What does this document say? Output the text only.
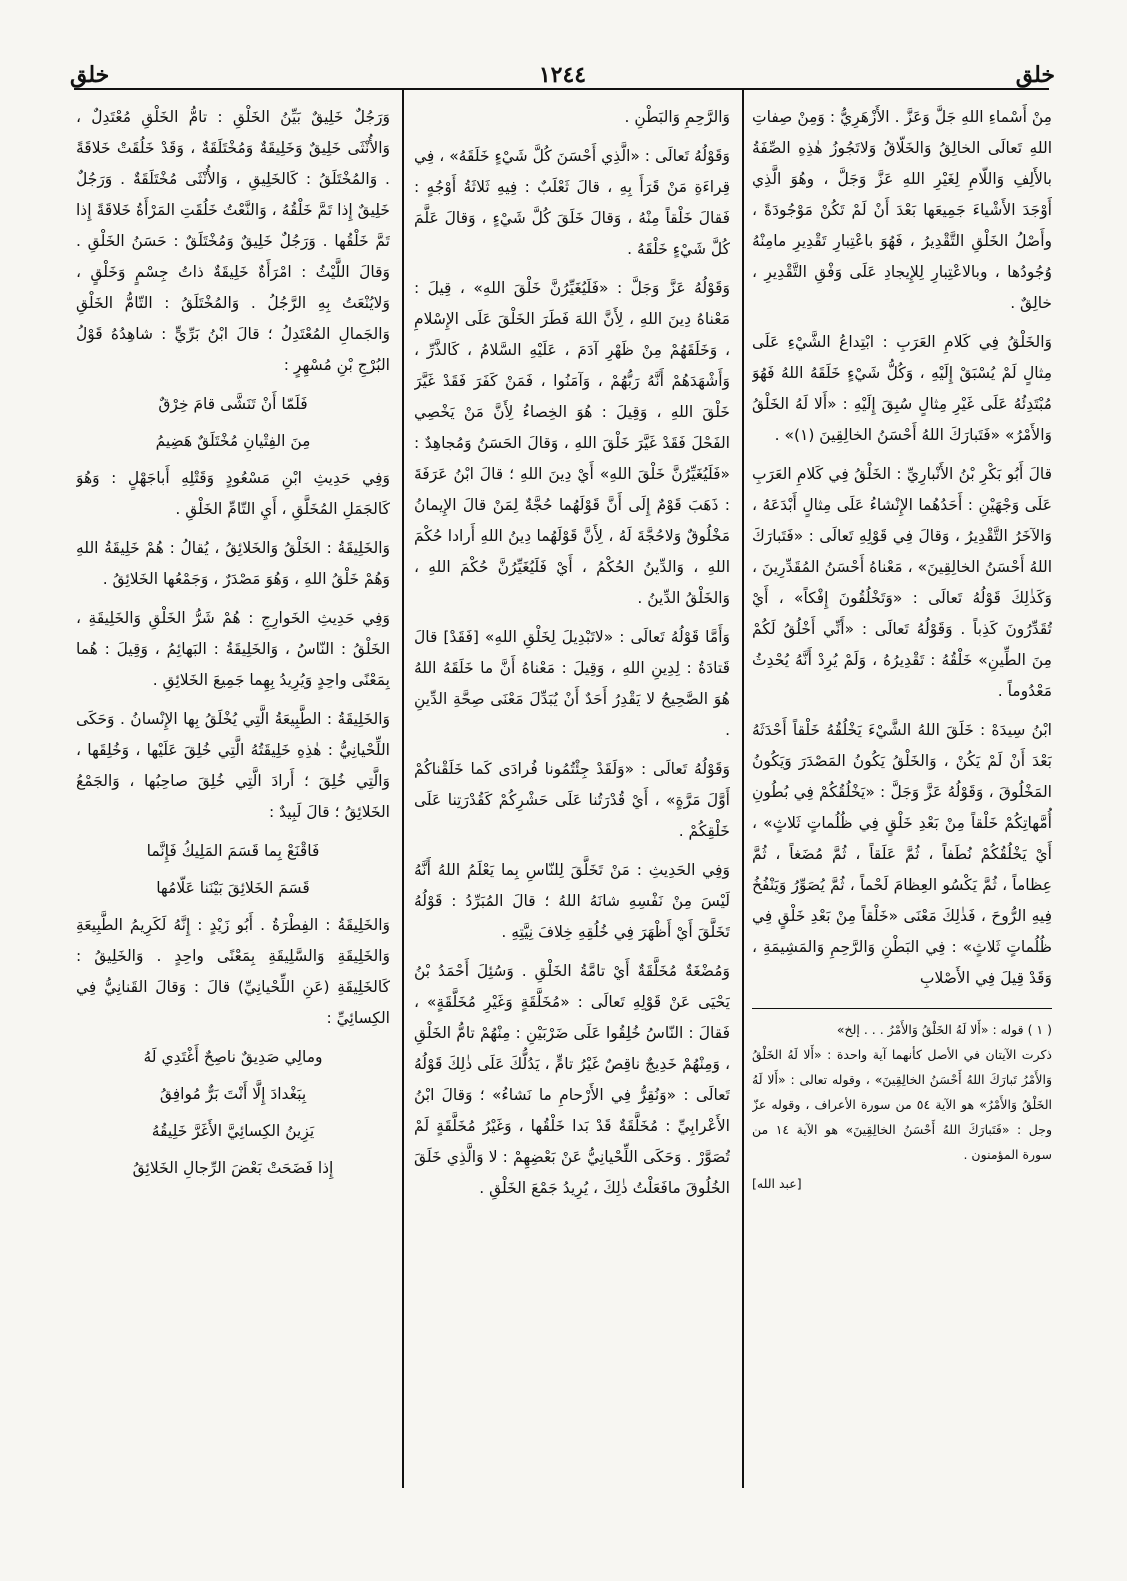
خلق	١٢٤٤	خلق

مِنْ أَسْماءِ اللهِ جَلَّ وَعَزَّ . الأَزْهَرِيُّ : وَمِنْ صِفاتِ اللهِ تَعالَى الخالِقُ وَالخَلّاقُ وَلاتَجُوزُ هٰذِهِ الصِّفَةُ بالأَلِفِ وَاللّامِ لِغَيْرِ اللهِ عَزَّ وَجَلَّ ، وهُوَ الَّذِي أَوْجَدَ الأَشْياءَ جَمِيعَها بَعْدَ أَنْ لَمْ تَكُنْ مَوْجُودَةً ، وأَصْلُ الخَلْقِ التَّقْدِيرُ ، فَهُوَ باعْتِبارِ تَقْدِيرِ مامِنْهُ وُجُودُها ، وبالاعْتِبارِ لِلإِيجادِ عَلَى وَفْقِ التَّقْدِيرِ ، خالِقٌ .

وَالخَلْقُ فِي كَلامِ العَرَبِ : ابْتِداعُ الشَّيْءِ عَلَى مِثالٍ لَمْ يُسْبَقْ إِلَيْهِ ، وَكُلُّ شَيْءٍ خَلَقَهُ اللهُ فَهُوَ مُبْتَدِئُهُ عَلَى غَيْرِ مِثالٍ سُبِقَ إِلَيْهِ : «أَلا لَهُ الخَلْقُ وَالأَمْرُ» «فَتَبارَكَ اللهُ أَحْسَنُ الخالِقِينَ (١)» .

قالَ أَبُو بَكْرِ بْنُ الأَنْبارِيِّ : الخَلْقُ فِي كَلامِ العَرَبِ عَلَى وَجْهَيْنِ : أَحَدُهُما الإِنْشاءُ عَلَى مِثالٍ أَبْدَعَهُ ، وَالآخَرُ التَّقْدِيرُ ، وَقالَ فِي قَوْلِهِ تَعالَى : «فَتَبارَكَ اللهُ أَحْسَنُ الخالِقِينَ» ، مَعْناهُ أَحْسَنُ المُقَدِّرِينَ ، وَكَذٰلِكَ قَوْلُهُ تَعالَى : «وَتَخْلُقُونَ إِفْكاً» ، أَيْ تُقَدِّرُونَ كَذِباً . وَقَوْلُهُ تَعالَى : «أَنِّي أَخْلُقُ لَكُمْ مِنَ الطِّينِ» خَلْقُهُ : تَقْدِيرُهُ ، وَلَمْ يُرِدْ أَنَّهُ يُحْدِثُ مَعْدُوماً .

ابْنُ سِيدَهْ : خَلَقَ اللهُ الشَّيْءَ يَخْلُقُهُ خَلْقاً أَحْدَثَهُ بَعْدَ أَنْ لَمْ يَكُنْ ، وَالخَلْقُ يَكُونُ المَصْدَرَ وَيَكُونُ المَخْلُوقَ ، وَقَوْلُهُ عَزَّ وَجَلَّ : «يَخْلُقُكُمْ فِي بُطُونِ أُمَّهاتِكُمْ خَلْقاً مِنْ بَعْدِ خَلْقٍ فِي ظُلُماتٍ ثَلاثٍ» ، أَيْ يَخْلُقُكُمْ نُطَفاً ، ثُمَّ عَلَقاً ، ثُمَّ مُضَغاً ، ثُمَّ عِظاماً ، ثُمَّ يَكْسُو العِظامَ لَحْماً ، ثُمَّ يُصَوِّرُ وَيَنْفُخُ فِيهِ الرُّوحَ ، فَذٰلِكَ مَعْنَى «خَلْقاً مِنْ بَعْدِ خَلْقٍ فِي ظُلُماتٍ ثَلاثٍ» : فِي البَطْنِ وَالرَّحِمِ وَالمَشِيمَةِ ، وَقَدْ قِيلَ فِي الأَصْلابِ

( ١ ) قوله : «أَلا لَهُ الخَلْقُ وَالأَمْرُ . . . إلخ»
ذكرت الآيتان في الأصل كأنهما آية واحدة : «أَلا لَهُ الخَلْقُ وَالأَمْرُ تَبارَكَ اللهُ أَحْسَنُ الخالِقِينَ» ، وقوله تعالى : «أَلا لَهُ الخَلْقُ وَالأَمْرُ» هو الآية ٥٤ من سورة الأعراف ، وقوله عزّ وجل : «فَتَبارَكَ اللهُ أَحْسَنُ الخالِقِينَ» هو الآية ١٤ من سورة المؤمنون .
[عبد الله]

وَالرَّحِمِ وَالبَطْنِ .

وَقَوْلُهُ تَعالَى : «الَّذِي أَحْسَنَ كُلَّ شَيْءٍ خَلَقَهُ» ، فِي قِراءَةِ مَنْ قَرَأَ بِهِ ، قالَ ثَعْلَبٌ : فِيهِ ثَلاثَةُ أَوْجُهٍ : فَقالَ خَلْقاً مِنْهُ ، وَقالَ خَلَقَ كُلَّ شَيْءٍ ، وَقالَ عَلَّمَ كُلَّ شَيْءٍ خَلْقَهُ .

وَقَوْلُهُ عَزَّ وَجَلَّ : «فَلَيُغَيِّرُنَّ خَلْقَ اللهِ» ، قِيلَ : مَعْناهُ دِينَ اللهِ ، لِأَنَّ اللهَ فَطَرَ الخَلْقَ عَلَى الإِسْلامِ ، وَخَلَقَهُمْ مِنْ ظَهْرِ آدَمَ ، عَلَيْهِ السَّلامُ ، كَالذَّرِّ ، وَأَشْهَدَهُمْ أَنَّهُ رَبُّهُمْ ، وَآمَنُوا ، فَمَنْ كَفَرَ فَقَدْ غَيَّرَ خَلْقَ اللهِ ، وَقِيلَ : هُوَ الخِصاءُ لِأَنَّ مَنْ يَخْصِي الفَحْلَ فَقَدْ غَيَّرَ خَلْقَ اللهِ ، وَقالَ الحَسَنُ وَمُجاهِدٌ : «فَلَيُغَيِّرُنَّ خَلْقَ اللهِ» أَيْ دِينَ اللهِ ؛ قالَ ابْنُ عَرَفَةَ : ذَهَبَ قَوْمٌ إِلَى أَنَّ قَوْلَهُما حُجَّةٌ لِمَنْ قالَ الإِيمانُ مَخْلُوقٌ وَلاحُجَّةَ لَهُ ، لِأَنَّ قَوْلَهُما دِينُ اللهِ أَرادا حُكْمَ اللهِ ، وَالدِّينُ الحُكْمُ ، أَيْ فَلَيُغَيِّرُنَّ حُكْمَ اللهِ ، وَالخَلْقُ الدِّينُ .

وَأَمَّا قَوْلُهُ تَعالَى : «لاتَبْدِيلَ لِخَلْقِ اللهِ» [فَقَدْ] قالَ قَتادَةُ : لِدِينِ اللهِ ، وَقِيلَ : مَعْناهُ أَنَّ ما خَلَقَهُ اللهُ هُوَ الصَّحِيحُ لا يَقْدِرُ أَحَدٌ أَنْ يُبَدِّلَ مَعْنَى صِحَّةِ الدِّينِ .

وَقَوْلُهُ تَعالَى : «وَلَقَدْ جِئْتُمُونا فُرادَى كَما خَلَقْناكُمْ أَوَّلَ مَرَّةٍ» ، أَيْ قُدْرَتُنا عَلَى حَشْرِكُمْ كَقُدْرَتِنا عَلَى خَلْقِكُمْ .

وَفِي الحَدِيثِ : مَنْ تَخَلَّقَ لِلنّاسِ بِما يَعْلَمُ اللهُ أَنَّهُ لَيْسَ مِنْ نَفْسِهِ شانَهُ اللهُ ؛ قالَ المُبَرِّدُ : قَوْلُهُ تَخَلَّقَ أَيْ أَظْهَرَ فِي خُلُقِهِ خِلافَ نِيَّتِهِ .

وَمُضْغَةٌ مُخَلَّقَةٌ أَيْ تامَّةُ الخَلْقِ . وَسُئِلَ أَحْمَدُ بْنُ يَحْيَى عَنْ قَوْلِهِ تَعالَى : «مُخَلَّقَةٍ وَغَيْرِ مُخَلَّقَةٍ» ، فَقالَ : النّاسُ خُلِقُوا عَلَى ضَرْبَيْنِ : مِنْهُمْ تامُّ الخَلْقِ ، وَمِنْهُمْ خَدِيجٌ ناقِصٌ غَيْرُ تامٍّ ، يَدُلُّكَ عَلَى ذٰلِكَ قَوْلُهُ تَعالَى : «وَنُقِرُّ فِي الأَرْحامِ ما نَشاءُ» ؛ وَقالَ ابْنُ الأَعْرابِيِّ : مُخَلَّقَةٌ قَدْ بَدا خَلْقُها ، وَغَيْرُ مُخَلَّقَةٍ لَمْ تُصَوَّرْ . وَحَكَى اللِّحْيانِيُّ عَنْ بَعْضِهِمْ : لا وَالَّذِي خَلَقَ الخُلُوقَ مافَعَلْتُ ذٰلِكَ ، يُرِيدُ جَمْعَ الخَلْقِ .

وَرَجُلٌ خَلِيقٌ بَيِّنُ الخَلْقِ : تامُّ الخَلْقِ مُعْتَدِلٌ ، وَالأُنْثَى خَلِيقٌ وَخَلِيقَةٌ وَمُخْتَلَقَةٌ ، وَقَدْ خَلُقَتْ خَلاقَةً . وَالمُخْتَلَقُ : كَالخَلِيقِ ، وَالأُنْثَى مُخْتَلَقَةٌ . وَرَجُلٌ خَلِيقٌ إِذا تَمَّ خَلْقُهُ ، وَالنَّعْتُ خَلُقَتِ المَرْأَةُ خَلاقَةً إِذا تَمَّ خَلْقُها . وَرَجُلٌ خَلِيقٌ وَمُخْتَلَقٌ : حَسَنُ الخَلْقِ . وَقالَ اللَّيْثُ : امْرَأَةٌ خَلِيقَةٌ ذاتُ جِسْمٍ وَخَلْقٍ ، وَلايُنْعَتُ بِهِ الرَّجُلُ . وَالمُخْتَلَقُ : التّامُّ الخَلْقِ وَالجَمالِ المُعْتَدِلُ ؛ قالَ ابْنُ بَرِّيٍّ : شاهِدُهُ قَوْلُ البُرْجِ بْنِ مُسْهِرٍ :

فَلَمّا أَنْ تَنَشَّى قامَ خِرْقٌ
مِنَ الفِتْيانِ مُخْتَلَقٌ هَضِيمُ

وَفِي حَدِيثِ ابْنِ مَسْعُودٍ وَقَتْلِهِ أَباجَهْلٍ : وَهُوَ كَالجَمَلِ المُخَلَّقِ ، أَيِ التّامِّ الخَلْقِ .

وَالخَلِيقَةُ : الخَلْقُ وَالخَلائِقُ ، يُقالُ : هُمْ خَلِيقَةُ اللهِ وَهُمْ خَلْقُ اللهِ ، وَهُوَ مَصْدَرٌ ، وَجَمْعُها الخَلائِقُ .

وَفِي حَدِيثِ الخَوارِجِ : هُمْ شَرُّ الخَلْقِ وَالخَلِيقَةِ ، الخَلْقُ : النّاسُ ، وَالخَلِيقَةُ : البَهائِمُ ، وَقِيلَ : هُما بِمَعْنًى واحِدٍ وَيُرِيدُ بِهِما جَمِيعَ الخَلائِقِ .

وَالخَلِيقَةُ : الطَّبِيعَةُ الَّتِي يُخْلَقُ بِها الإِنْسانُ . وَحَكَى اللِّحْيانِيُّ : هٰذِهِ خَلِيقَتُهُ الَّتِي خُلِقَ عَلَيْها ، وَخُلِقَها ، وَالَّتِي خُلِقَ ؛ أَرادَ الَّتِي خُلِقَ صاحِبُها ، وَالجَمْعُ الخَلائِقُ ؛ قالَ لَبِيدٌ :

فَاقْنَعْ بِما قَسَمَ المَلِيكُ فَإِنَّما
قَسَمَ الخَلائِقَ بَيْنَنا عَلّامُها

وَالخَلِيقَةُ : الفِطْرَةُ . أَبُو زَيْدٍ : إِنَّهُ لَكَرِيمُ الطَّبِيعَةِ وَالخَلِيقَةِ وَالسَّلِيقَةِ بِمَعْنًى واحِدٍ . وَالخَلِيقُ : كَالخَلِيقَةِ (عَنِ اللِّحْيانِيِّ) قالَ : وَقالَ القَنانِيُّ فِي الكِسائِيِّ :

ومالِي صَدِيقٌ ناصِحٌ أَغْتَدِي لَهُ
بِبَغْدادَ إِلَّا أَنْتَ بَرٌّ مُوافِقُ
يَزِينُ الكِسائِيَّ الأَغَرَّ خَلِيقُهُ
إِذا فَضَحَتْ بَعْضَ الرِّجالِ الخَلائِقُ
